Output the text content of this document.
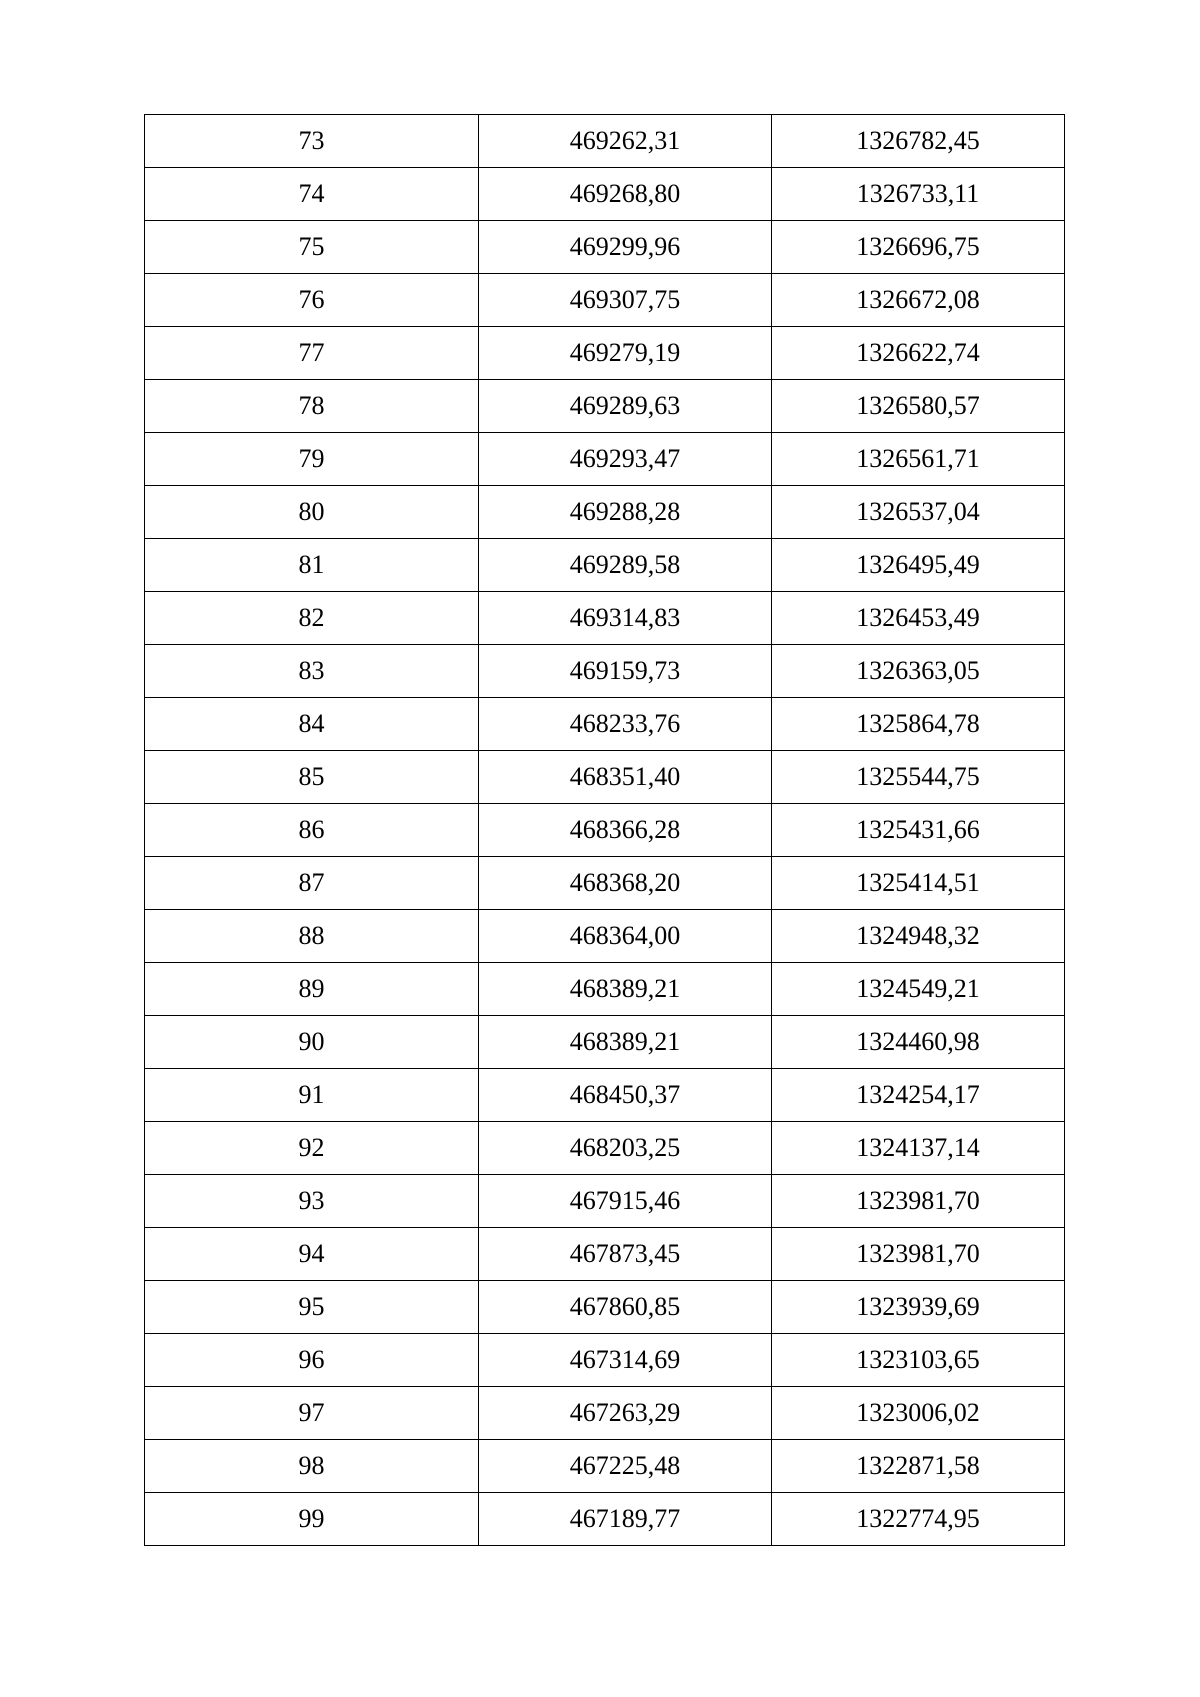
73	469262,31	1326782,45
74	469268,80	1326733,11
75	469299,96	1326696,75
76	469307,75	1326672,08
77	469279,19	1326622,74
78	469289,63	1326580,57
79	469293,47	1326561,71
80	469288,28	1326537,04
81	469289,58	1326495,49
82	469314,83	1326453,49
83	469159,73	1326363,05
84	468233,76	1325864,78
85	468351,40	1325544,75
86	468366,28	1325431,66
87	468368,20	1325414,51
88	468364,00	1324948,32
89	468389,21	1324549,21
90	468389,21	1324460,98
91	468450,37	1324254,17
92	468203,25	1324137,14
93	467915,46	1323981,70
94	467873,45	1323981,70
95	467860,85	1323939,69
96	467314,69	1323103,65
97	467263,29	1323006,02
98	467225,48	1322871,58
99	467189,77	1322774,95
